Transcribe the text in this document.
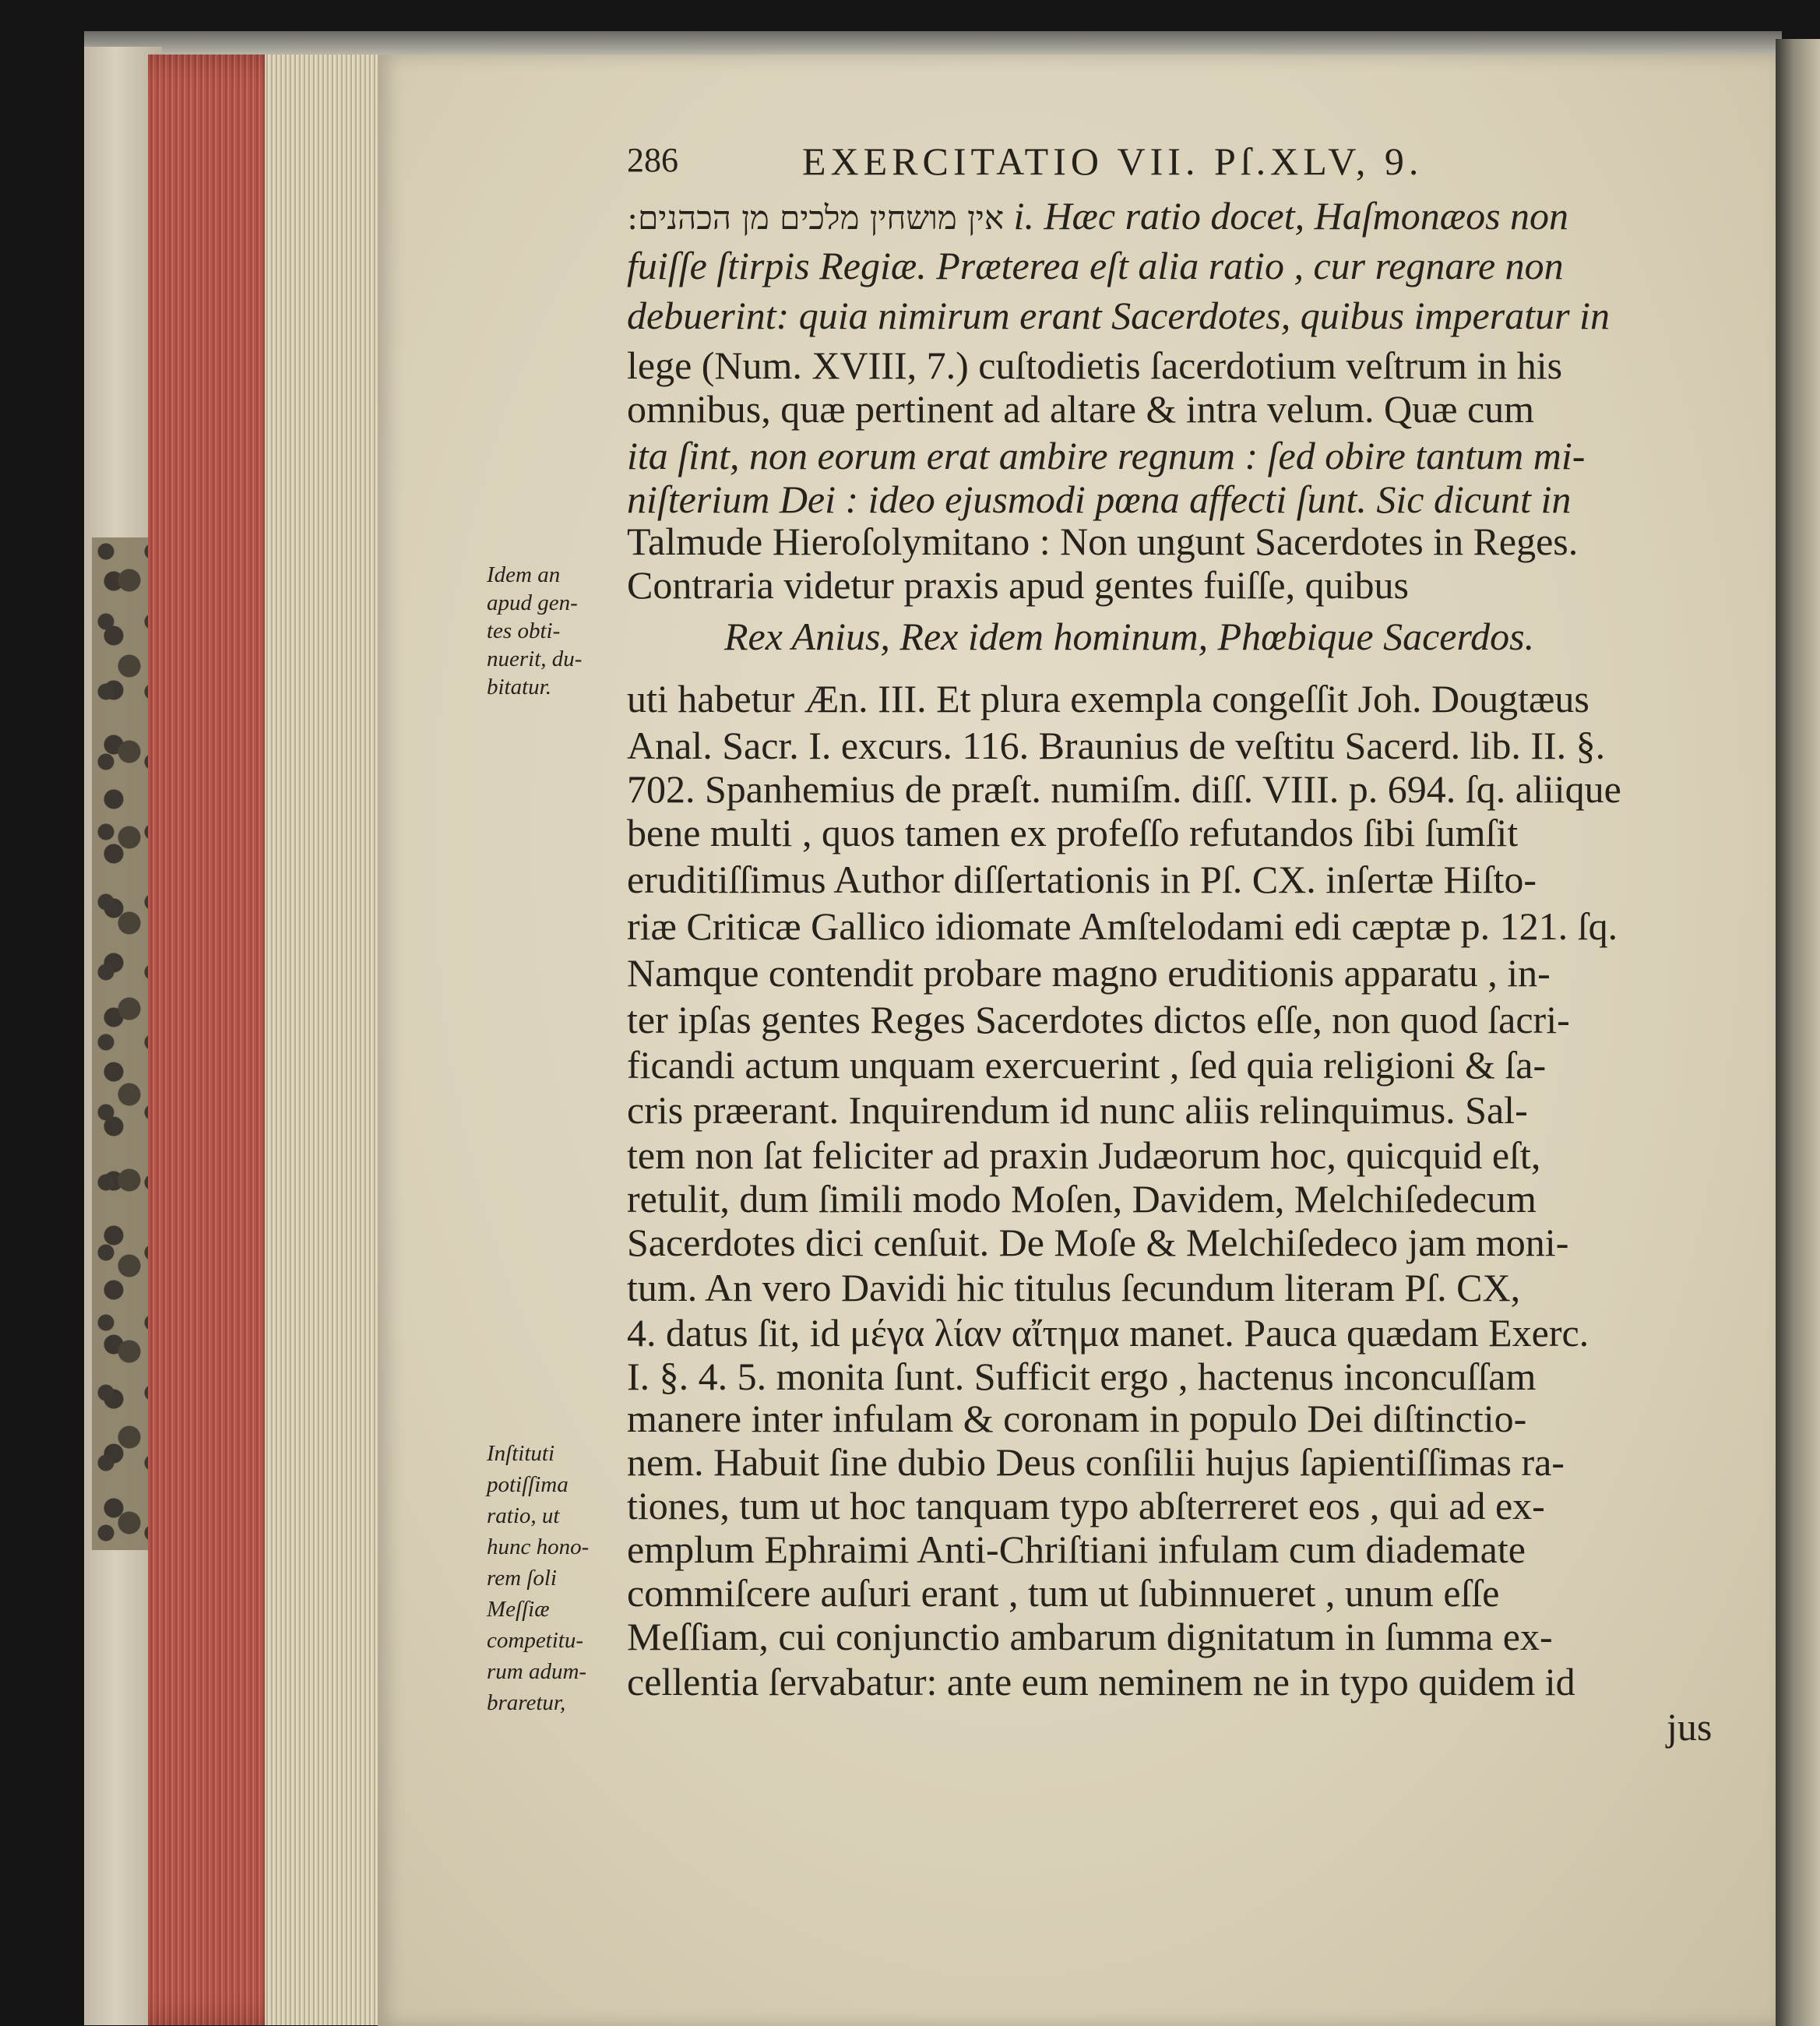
286	EXERCITATIO VII. Pſ.XLV, 9.
אין מושחין מלכים מן הכהנים: i. Hæc ratio docet, Haſmonæos non
fuiſſe ſtirpis Regiæ. Præterea eſt alia ratio , cur regnare non
debuerint: quia nimirum erant Sacerdotes, quibus imperatur in
lege (Num. XVIII, 7.) cuſtodietis ſacerdotium veſtrum in his
omnibus, quæ pertinent ad altare & intra velum. Quæ cum
ita ſint, non eorum erat ambire regnum : ſed obire tantum mi-
niſterium Dei : ideo ejusmodi pœna affecti ſunt. Sic dicunt in
Talmude Hieroſolymitano : Non ungunt Sacerdotes in Reges.
Contraria videtur praxis apud gentes fuiſſe, quibus
Rex Anius, Rex idem hominum, Phœbique Sacerdos.
uti habetur Æn. III. Et plura exempla congeſſit Joh. Dougtæus
Anal. Sacr. I. excurs. 116. Braunius de veſtitu Sacerd. lib. II. §.
702. Spanhemius de præſt. numiſm. diſſ. VIII. p. 694. ſq. aliique
bene multi , quos tamen ex profeſſo refutandos ſibi ſumſit
eruditiſſimus Author diſſertationis in Pſ. CX. inſertæ Hiſto-
riæ Criticæ Gallico idiomate Amſtelodami edi cæptæ p. 121. ſq.
Namque contendit probare magno eruditionis apparatu , in-
ter ipſas gentes Reges Sacerdotes dictos eſſe, non quod ſacri-
ficandi actum unquam exercuerint , ſed quia religioni & ſa-
cris præerant. Inquirendum id nunc aliis relinquimus. Sal-
tem non ſat feliciter ad praxin Judæorum hoc, quicquid eſt,
retulit, dum ſimili modo Moſen, Davidem, Melchiſedecum
Sacerdotes dici cenſuit. De Moſe & Melchiſedeco jam moni-
tum. An vero Davidi hic titulus ſecundum literam Pſ. CX,
4. datus ſit, id μέγα λίαν αἴτημα manet. Pauca quædam Exerc.
I. §. 4. 5. monita ſunt. Sufficit ergo , hactenus inconcuſſam
manere inter infulam & coronam in populo Dei diſtinctio-
nem. Habuit ſine dubio Deus conſilii hujus ſapientiſſimas ra-
tiones, tum ut hoc tanquam typo abſterreret eos , qui ad ex-
emplum Ephraimi Anti-Chriſtiani infulam cum diademate
commiſcere auſuri erant , tum ut ſubinnueret , unum eſſe
Meſſiam, cui conjunctio ambarum dignitatum in ſumma ex-
cellentia ſervabatur: ante eum neminem ne in typo quidem id
jus
Idem an
apud gen-
tes obti-
nuerit, du-
bitatur.
Inſtituti
potiſſima
ratio, ut
hunc hono-
rem ſoli
Meſſiæ
competitu-
rum adum-
braretur,
